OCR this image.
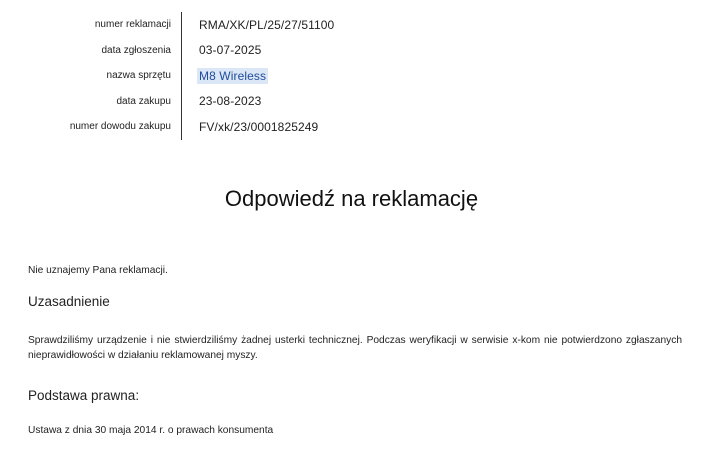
numer reklamacji	RMA/XK/PL/25/27/51100
data zgłoszenia	03-07-2025
nazwa sprzętu	M8 Wireless
data zakupu	23-08-2023
numer dowodu zakupu	FV/xk/23/0001825249
Odpowiedź na reklamację
Nie uznajemy Pana reklamacji.
Uzasadnienie
Sprawdziliśmy urządzenie i nie stwierdziliśmy żadnej usterki technicznej. Podczas weryfikacji w serwisie x-kom nie potwierdzono zgłaszanych nieprawidłowości w działaniu reklamowanej myszy.
Podstawa prawna:
Ustawa z dnia 30 maja 2014 r. o prawach konsumenta
